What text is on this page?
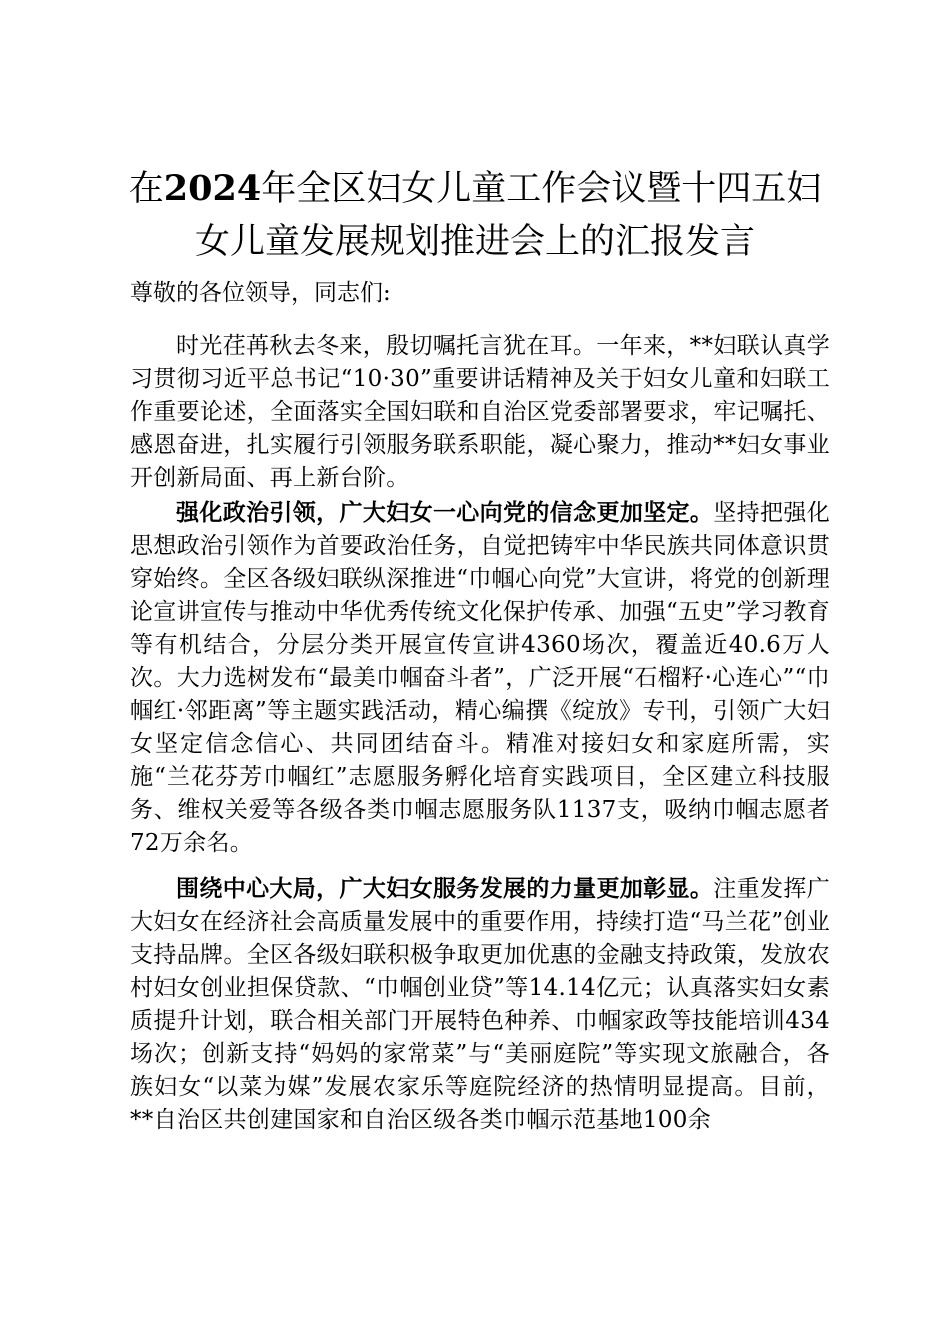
在2024年全区妇女儿童工作会议暨十四五妇女儿童发展规划推进会上的汇报发言

尊敬的各位领导，同志们:

时光荏苒秋去冬来，殷切嘱托言犹在耳。一年来，**妇联认真学习贯彻习近平总书记“10·30”重要讲话精神及关于妇女儿童和妇联工作重要论述，全面落实全国妇联和自治区党委部署要求，牢记嘱托、感恩奋进，扎实履行引领服务联系职能，凝心聚力，推动**妇女事业开创新局面、再上新台阶。

强化政治引领，广大妇女一心向党的信念更加坚定。坚持把强化思想政治引领作为首要政治任务，自觉把铸牢中华民族共同体意识贯穿始终。全区各级妇联纵深推进“巾帼心向党”大宣讲，将党的创新理论宣讲宣传与推动中华优秀传统文化保护传承、加强“五史”学习教育等有机结合，分层分类开展宣传宣讲4360场次，覆盖近40.6万人次。大力选树发布“最美巾帼奋斗者”，广泛开展“石榴籽·心连心”“巾帼红·邻距离”等主题实践活动，精心编撰《绽放》专刊，引领广大妇女坚定信念信心、共同团结奋斗。精准对接妇女和家庭所需，实施“兰花芬芳巾帼红”志愿服务孵化培育实践项目，全区建立科技服务、维权关爱等各级各类巾帼志愿服务队1137支，吸纳巾帼志愿者72万余名。

围绕中心大局，广大妇女服务发展的力量更加彰显。注重发挥广大妇女在经济社会高质量发展中的重要作用，持续打造“马兰花”创业支持品牌。全区各级妇联积极争取更加优惠的金融支持政策，发放农村妇女创业担保贷款、“巾帼创业贷”等14.14亿元；认真落实妇女素质提升计划，联合相关部门开展特色种养、巾帼家政等技能培训434场次；创新支持“妈妈的家常菜”与“美丽庭院”等实现文旅融合，各族妇女“以菜为媒”发展农家乐等庭院经济的热情明显提高。目前，**自治区共创建国家和自治区级各类巾帼示范基地100余
